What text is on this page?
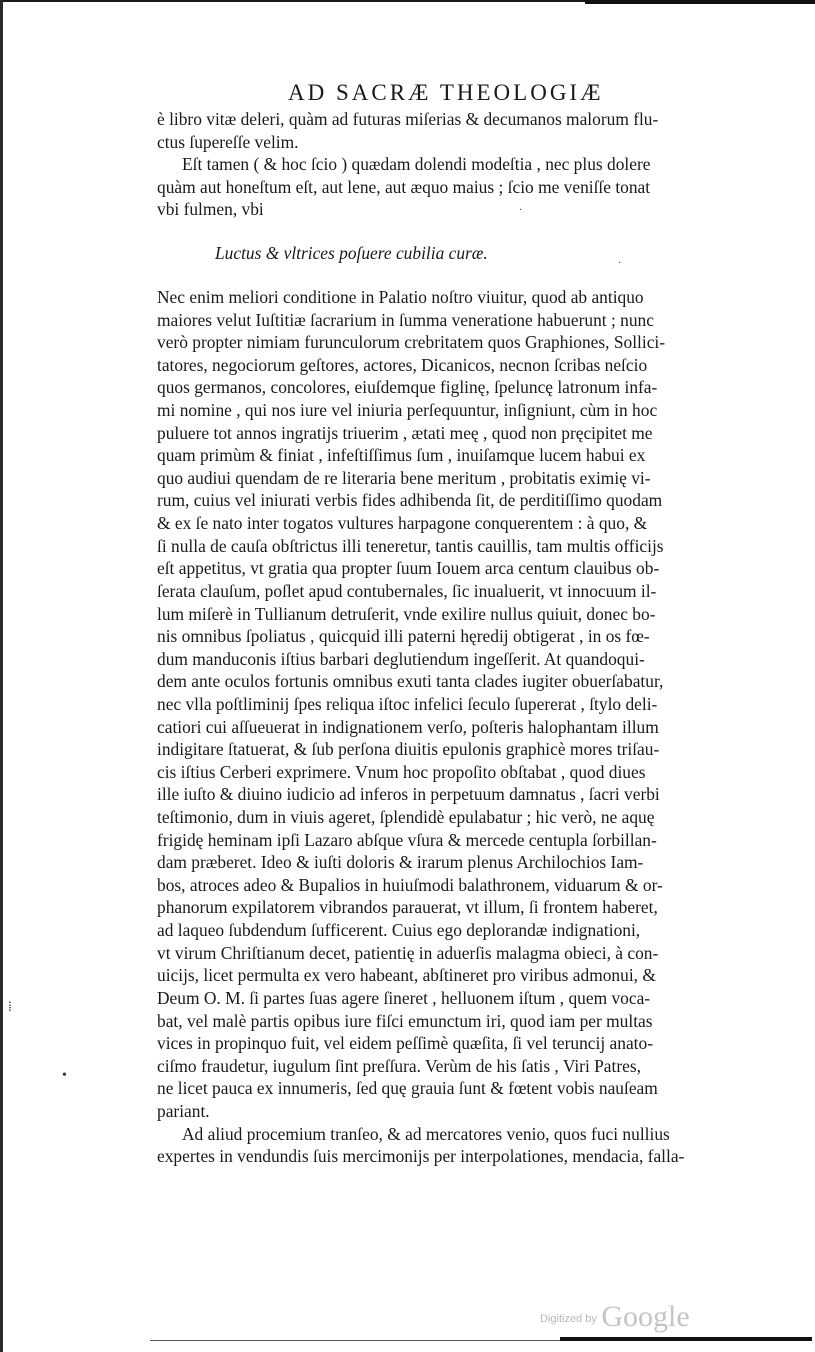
AD SACRÆ THEOLOGIÆ
è libro vitæ deleri, quàm ad futuras miſerias & decumanos malorum flu-
ctus ſupereſſe velim.
Eſt tamen ( & hoc ſcio ) quædam dolendi modeſtia , nec plus dolere
quàm aut honeſtum eſt, aut lene, aut æquo maius ; ſcio me veniſſe tonat
vbi fulmen, vbi
Luctus & vltrices poſuere cubilia curæ.
Nec enim meliori conditione in Palatio noſtro viuitur, quod ab antiquo
maiores velut Iuſtitiæ ſacrarium in ſumma veneratione habuerunt ; nunc
verò propter nimiam furunculorum crebritatem quos Graphiones, Sollici-
tatores, negociorum geſtores, actores, Dicanicos, necnon ſcribas neſcio
quos germanos, concolores, eiuſdemque figlinę, ſpeluncę latronum infa-
mi nomine , qui nos iure vel iniuria perſequuntur, inſigniunt, cùm in hoc
puluere tot annos ingratijs triuerim , ætati meę , quod non pręcipitet me
quam primùm & finiat , infeſtiſſimus ſum , inuiſamque lucem habui ex
quo audiui quendam de re literaria bene meritum , probitatis eximię vi-
rum, cuius vel iniurati verbis fides adhibenda ſit, de perditiſſimo quodam
& ex ſe nato inter togatos vultures harpagone conquerentem : à quo, &
ſi nulla de cauſa obſtrictus illi teneretur, tantis cauillis, tam multis officijs
eſt appetitus, vt gratia qua propter ſuum Iouem arca centum clauibus ob-
ſerata clauſum, poſlet apud contubernales, ſic inualuerit, vt innocuum il-
lum miſerè in Tullianum detruſerit, vnde exilire nullus quiuit, donec bo-
nis omnibus ſpoliatus , quicquid illi paterni hęredij obtigerat , in os fœ-
dum manduconis iſtius barbari deglutiendum ingeſſerit. At quandoqui-
dem ante oculos fortunis omnibus exuti tanta clades iugiter obuerſabatur,
nec vlla poſtliminij ſpes reliqua iſtoc infelici ſeculo ſupererat , ſtylo deli-
catiori cui aſſueuerat in indignationem verſo, poſteris halophantam illum
indigitare ſtatuerat, & ſub perſona diuitis epulonis graphicè mores triſau-
cis iſtius Cerberi exprimere. Vnum hoc propoſito obſtabat , quod diues
ille iuſto & diuino iudicio ad inferos in perpetuum damnatus , ſacri verbi
teſtimonio, dum in viuis ageret, ſplendidè epulabatur ; hic verò, ne aquę
frigidę heminam ipſi Lazaro abſque vſura & mercede centupla ſorbillan-
dam præberet. Ideo & iuſti doloris & irarum plenus Archilochios Iam-
bos, atroces adeo & Bupalios in huiuſmodi balathronem, viduarum & or-
phanorum expilatorem vibrandos parauerat, vt illum, ſi frontem haberet,
ad laqueo ſubdendum ſufficerent. Cuius ego deplorandæ indignationi,
vt virum Chriſtianum decet, patientię in aduerſis malagma obieci, à con-
uicijs, licet permulta ex vero habeant, abſtineret pro viribus admonui, &
Deum O. M. ſi partes ſuas agere ſineret , helluonem iſtum , quem voca-
bat, vel malè partis opibus iure fiſci emunctum iri, quod iam per multas
vices in propinquo fuit, vel eidem peſſimè quæſita, ſi vel teruncij anato-
ciſmo fraudetur, iugulum ſint preſſura. Verùm de his ſatis , Viri Patres,
ne licet pauca ex innumeris, ſed quę grauia ſunt & fœtent vobis nauſeam
pariant.
Ad aliud procemium tranſeo, & ad mercatores venio, quos fuci nullius
expertes in vendundis ſuis mercimonijs per interpolationes, mendacia, falla-
⁞
•
·
·
$^{Digitized by}$ Google
